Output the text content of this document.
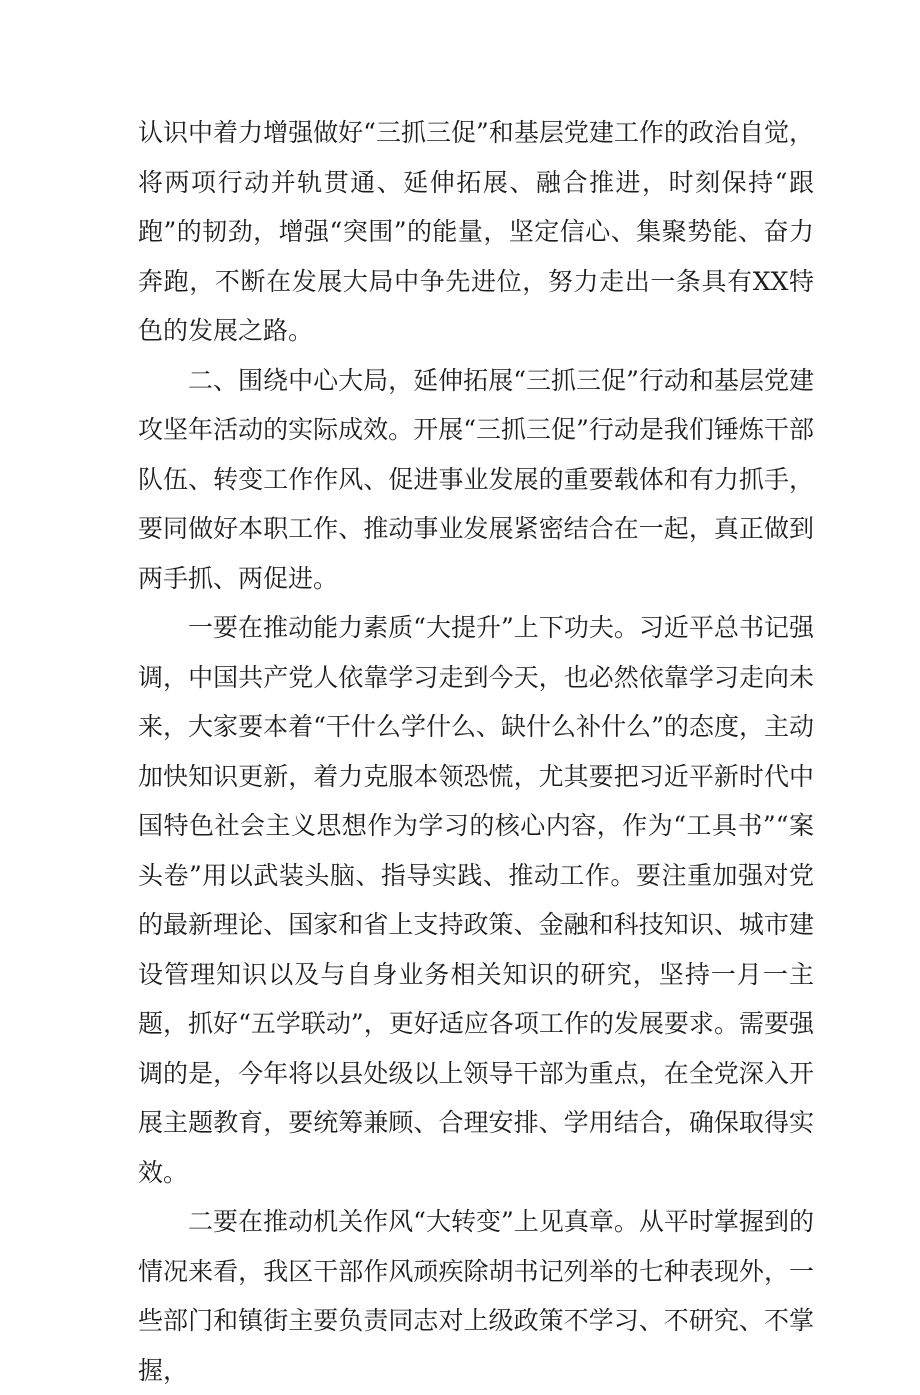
认识中着力增强做好“三抓三促”和基层党建工作的政治自觉，将两项行动并轨贯通、延伸拓展、融合推进，时刻保持“跟跑”的韧劲，增强“突围”的能量，坚定信心、集聚势能、奋力奔跑，不断在发展大局中争先进位，努力走出一条具有XX特色的发展之路。

二、围绕中心大局，延伸拓展“三抓三促”行动和基层党建攻坚年活动的实际成效。开展“三抓三促”行动是我们锤炼干部队伍、转变工作作风、促进事业发展的重要载体和有力抓手，要同做好本职工作、推动事业发展紧密结合在一起，真正做到两手抓、两促进。

一要在推动能力素质“大提升”上下功夫。习近平总书记强调，中国共产党人依靠学习走到今天，也必然依靠学习走向未来，大家要本着“干什么学什么、缺什么补什么”的态度，主动加快知识更新，着力克服本领恐慌，尤其要把习近平新时代中国特色社会主义思想作为学习的核心内容，作为“工具书”“案头卷”用以武装头脑、指导实践、推动工作。要注重加强对党的最新理论、国家和省上支持政策、金融和科技知识、城市建设管理知识以及与自身业务相关知识的研究，坚持一月一主题，抓好“五学联动”，更好适应各项工作的发展要求。需要强调的是，今年将以县处级以上领导干部为重点，在全党深入开展主题教育，要统筹兼顾、合理安排、学用结合，确保取得实效。

二要在推动机关作风“大转变”上见真章。从平时掌握到的情况来看，我区干部作风顽疾除胡书记列举的七种表现外，一些部门和镇街主要负责同志对上级政策不学习、不研究、不掌握，
